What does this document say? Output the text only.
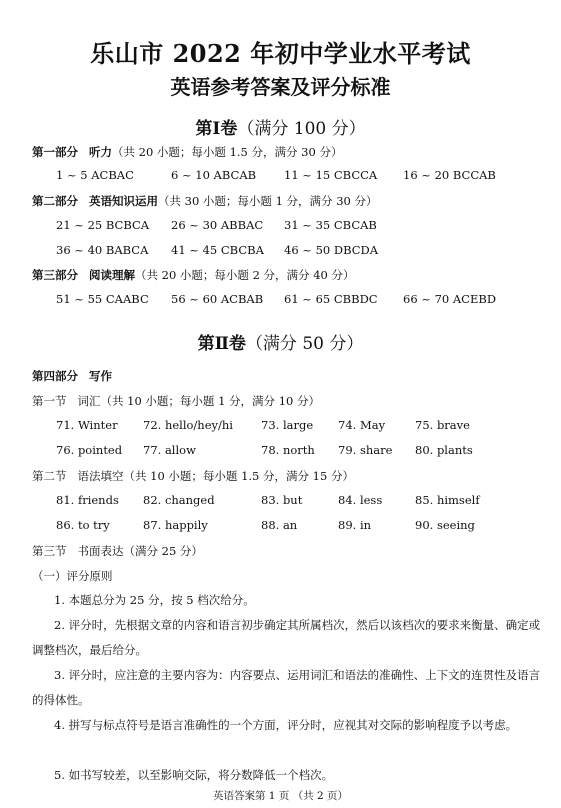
乐山市 2022 年初中学业水平考试
英语参考答案及评分标准
第Ⅰ卷（满分 100 分）
第一部分 听力（共 20 小题；每小题 1.5 分，满分 30 分）
1 ~ 5 ACBAC	6 ~ 10 ABCAB 11 ~ 15 CBCCA 16 ~ 20 BCCAB
第二部分 英语知识运用（共 30 小题；每小题 1 分，满分 30 分）
21 ~ 25 BCBCA 26 ~ 30 ABBAC 31 ~ 35 CBCAB
36 ~ 40 BABCA 41 ~ 45 CBCBA 46 ~ 50 DBCDA
第三部分 阅读理解（共 20 小题；每小题 2 分，满分 40 分）
51 ~ 55 CAABC 56 ~ 60 ACBAB 61 ~ 65 CBBDC 66 ~ 70 ACEBD
第Ⅱ卷（满分 50 分）
第四部分 写作
第一节 词汇（共 10 小题；每小题 1 分，满分 10 分）
71. Winter 72. hello/hey/hi 73. large 74. May	75. brave
76. pointed 77. allow	78. north 79. share 80. plants
第二节 语法填空（共 10 小题；每小题 1.5 分，满分 15 分）
81. friends 82. changed	83. but	84. less	85. himself
86. to try	87. happily	88. an	89. in	90. seeing
第三节 书面表达（满分 25 分）
（一）评分原则
1. 本题总分为 25 分，按 5 档次给分。
2. 评分时，先根据文章的内容和语言初步确定其所属档次，然后以该档次的要求来衡量、确定或调整档次，最后给分。
3. 评分时，应注意的主要内容为：内容要点、运用词汇和语法的准确性、上下文的连贯性及语言的得体性。
4. 拼写与标点符号是语言准确性的一个方面，评分时，应视其对交际的影响程度予以考虑。
5. 如书写较差，以至影响交际，将分数降低一个档次。
英语答案第 1 页 （共 2 页）
